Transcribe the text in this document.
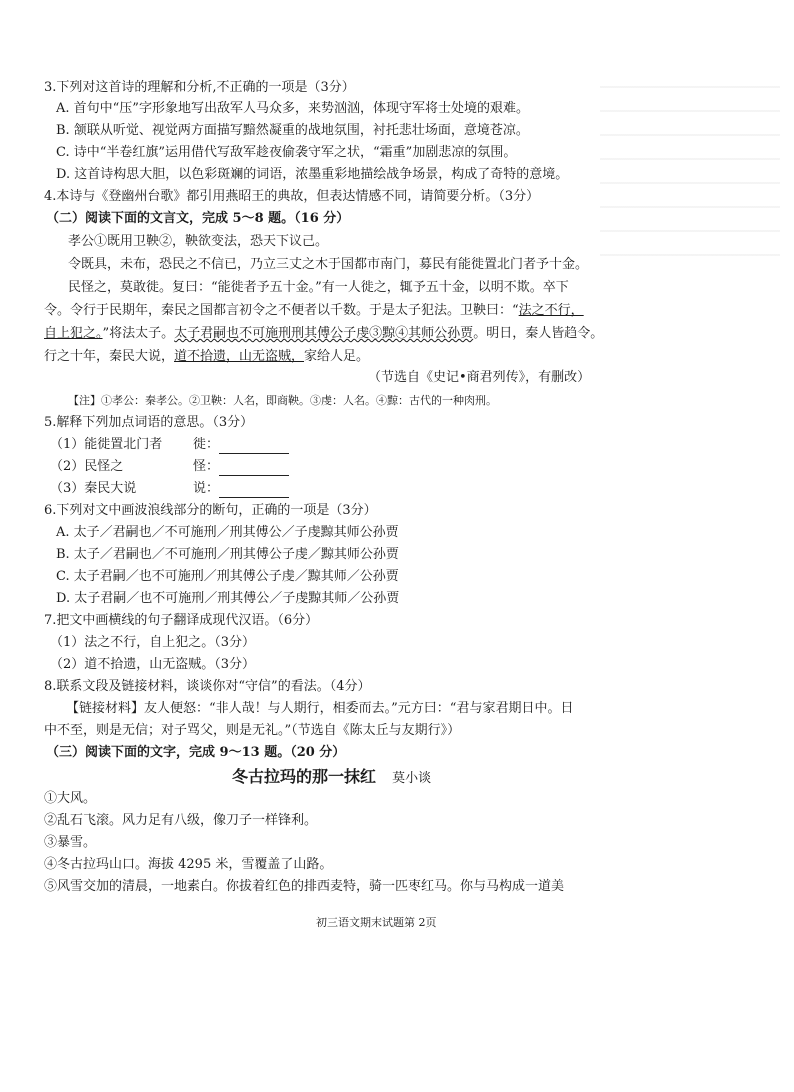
3.下列对这首诗的理解和分析,不正确的一项是（3分）
A. 首句中“压”字形象地写出敌军人马众多，来势汹汹，体现守军将士处境的艰难。
B. 颔联从听觉、视觉两方面描写黯然凝重的战地氛围，衬托悲壮场面，意境苍凉。
C. 诗中“半卷红旗”运用借代写敌军趁夜偷袭守军之状，“霜重”加剧悲凉的氛围。
D. 这首诗构思大胆，以色彩斑斓的词语，浓墨重彩地描绘战争场景，构成了奇特的意境。
4.本诗与《登幽州台歌》都引用燕昭王的典故，但表达情感不同，请简要分析。（3分）
（二）阅读下面的文言文，完成 5～8 题。（16 分）
孝公①既用卫鞅②，鞅欲变法，恐天下议己。
令既具，未布，恐民之不信已，乃立三丈之木于国都市南门，募民有能徙置北门者予十金。
民怪之，莫敢徙。复曰：“能徙者予五十金。”有一人徙之，辄予五十金，以明不欺。卒下
令。令行于民期年，秦民之国都言初令之不便者以千数。于是太子犯法。卫鞅曰：“法之不行，
自上犯之。”将法太子。太子君嗣也不可施刑刑其傅公子虔③黥④其师公孙贾。明日，秦人皆趋令。
行之十年，秦民大说，道不拾遗，山无盗贼，家给人足。
（节选自《史记•商君列传》，有删改）
【注】①孝公：秦孝公。②卫鞅：人名，即商鞅。③虔：人名。④黥：古代的一种肉刑。
5.解释下列加点词语的意思。（3分）
（1）能徙置北门者 徙：
（2）民怪之	怪：
（3）秦民大说	说：
6.下列对文中画波浪线部分的断句，正确的一项是（3分）
A. 太子／君嗣也／不可施刑／刑其傅公／子虔黥其师公孙贾
B. 太子／君嗣也／不可施刑／刑其傅公子虔／黥其师公孙贾
C. 太子君嗣／也不可施刑／刑其傅公子虔／黥其师／公孙贾
D. 太子君嗣／也不可施刑／刑其傅公／子虔黥其师／公孙贾
7.把文中画横线的句子翻译成现代汉语。（6分）
（1）法之不行，自上犯之。（3分）
（2）道不拾遗，山无盗贼。（3分）
8.联系文段及链接材料，谈谈你对“守信”的看法。（4分）
【链接材料】友人便怒：“非人哉！与人期行，相委而去。”元方曰：“君与家君期日中。日
中不至，则是无信；对子骂父，则是无礼。”（节选自《陈太丘与友期行》）
（三）阅读下面的文字，完成 9～13 题。（20 分）
冬古拉玛的那一抹红 莫小谈
①大风。
②乱石飞滚。风力足有八级，像刀子一样锋利。
③暴雪。
④冬古拉玛山口。海拔 4295 米，雪覆盖了山路。
⑤风雪交加的清晨，一地素白。你拔着红色的排西麦特，骑一匹枣红马。你与马构成一道美
初三语文期末试题第 2页
